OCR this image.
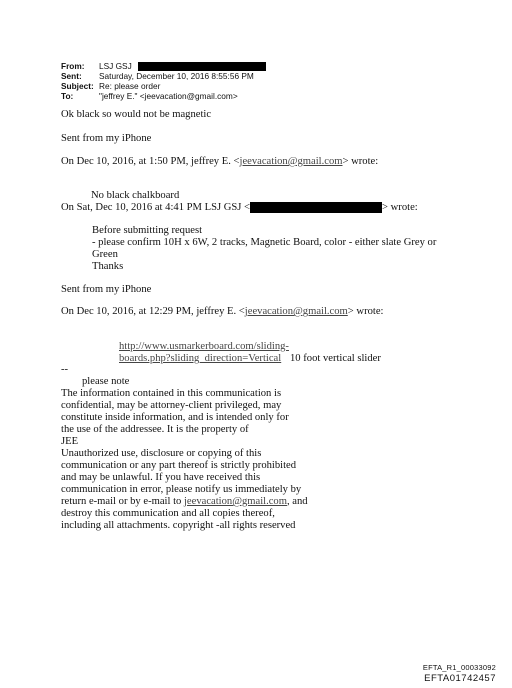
From: LSJ GSJ
Sent: Saturday, December 10, 2016 8:55:56 PM
Subject: Re: please order
To:	"jeffrey E." <jeevacation@gmail.com>
Ok black so would not be magnetic
Sent from my iPhone
On Dec 10, 2016, at 1:50 PM, jeffrey E. <jeevacation@gmail.com> wrote:
No black chalkboard
On Sat, Dec 10, 2016 at 4:41 PM LSJ GSJ <	> wrote:
Before submitting request
- please confirm 10H x 6W, 2 tracks, Magnetic Board, color - either slate Grey or
Green
Thanks
Sent from my iPhone
On Dec 10, 2016, at 12:29 PM, jeffrey E. <jeevacation@gmail.com> wrote:
http://www.usmarkerboard.com/sliding-
boards.php?sliding_direction=Vertical 10 foot vertical slider
--
please note
The information contained in this communication is
confidential, may be attorney-client privileged, may
constitute inside information, and is intended only for
the use of the addressee. It is the property of
JEE
Unauthorized use, disclosure or copying of this
communication or any part thereof is strictly prohibited
and may be unlawful. If you have received this
communication in error, please notify us immediately by
return e-mail or by e-mail to jeevacation@gmail.com, and
destroy this communication and all copies thereof,
including all attachments. copyright -all rights reserved
EFTA_R1_00033092
EFTA01742457
